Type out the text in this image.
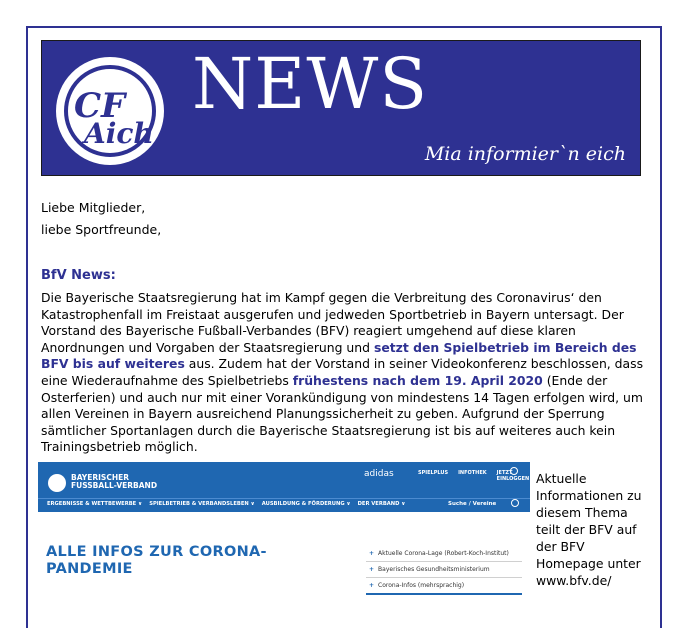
CF
Aich
NEWS
Mia informier`n eich
Liebe Mitglieder,
liebe Sportfreunde,
BfV News:
Die Bayerische Staatsregierung hat im Kampf gegen die Verbreitung des Coronavirus‘ den Katastrophenfall im Freistaat ausgerufen und jedweden Sportbetrieb in Bayern untersagt. Der Vorstand des Bayerische Fußball-Verbandes (BFV) reagiert umgehend auf diese klaren Anordnungen und Vorgaben der Staatsregierung und setzt den Spielbetrieb im Bereich des BFV bis auf weiteres aus. Zudem hat der Vorstand in seiner Videokonferenz beschlossen, dass eine Wiederaufnahme des Spielbetriebs frühestens nach dem 19. April 2020 (Ende der Osterferien) und auch nur mit einer Vorankündigung von mindestens 14 Tagen erfolgen wird, um allen Vereinen in Bayern ausreichend Planungssicherheit zu geben. Aufgrund der Sperrung sämtlicher Sportanlagen durch die Bayerische Staatsregierung ist bis auf weiteres auch kein Trainingsbetrieb möglich.
BAYERISCHER
FUSSBALL-VERBAND
adidas	SPIELPLUS INFOTHEK JETZT EINLOGGEN
ERGEBNISSE & WETTBEWERBE ∨ SPIELBETRIEB & VERBANDSLEBEN ∨ AUSBILDUNG & FÖRDERUNG ∨ DER VERBAND ∨	Suche / Vereine
ALLE INFOS ZUR CORONA-PANDEMIE
+ Aktuelle Corona-Lage (Robert-Koch-Institut)
+ Bayerisches Gesundheitsministerium
+ Corona-Infos (mehrsprachig)
Aktuelle Informationen zu diesem Thema teilt der BFV auf der BFV Homepage unter www.bfv.de/
